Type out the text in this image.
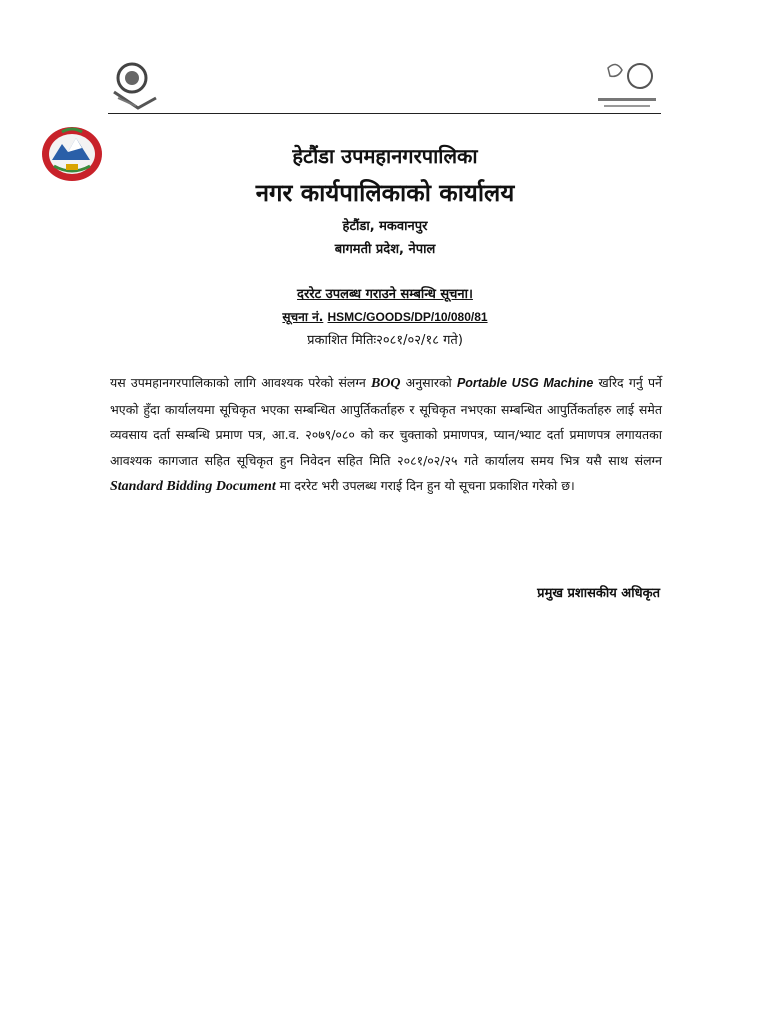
हेटौंडा उपमहानगरपालिका
नगर कार्यपालिकाको कार्यालय
हेटौंडा, मकवानपुर
बागमती प्रदेश, नेपाल
दररेट उपलब्ध गराउने सम्बन्धि सूचना।
सूचना नं. HSMC/GOODS/DP/10/080/81
प्रकाशित मितिः२०८१/०२/१८ गते)
यस उपमहानगरपालिकाको लागि आवश्यक परेको संलग्न BOQ अनुसारको Portable USG Machine खरिद गर्नु पर्ने भएको हुँदा कार्यालयमा सूचिकृत भएका सम्बन्धित आपुर्तिकर्ताहरु र सूचिकृत नभएका सम्बन्धित आपुर्तिकर्ताहरु लाई समेत व्यवसाय दर्ता सम्बन्धि प्रमाण पत्र, आ.व. २०७९/०८० को कर चुक्ताको प्रमाणपत्र, प्यान/भ्याट दर्ता प्रमाणपत्र लगायतका आवश्यक कागजात सहित सूचिकृत हुन निवेदन सहित मिति २०८१/०२/२५ गते कार्यालय समय भित्र यसै साथ संलग्न Standard Bidding Document मा दररेट भरी उपलब्ध गराई दिन हुन यो सूचना प्रकाशित गरेको छ।
प्रमुख प्रशासकीय अधिकृत
